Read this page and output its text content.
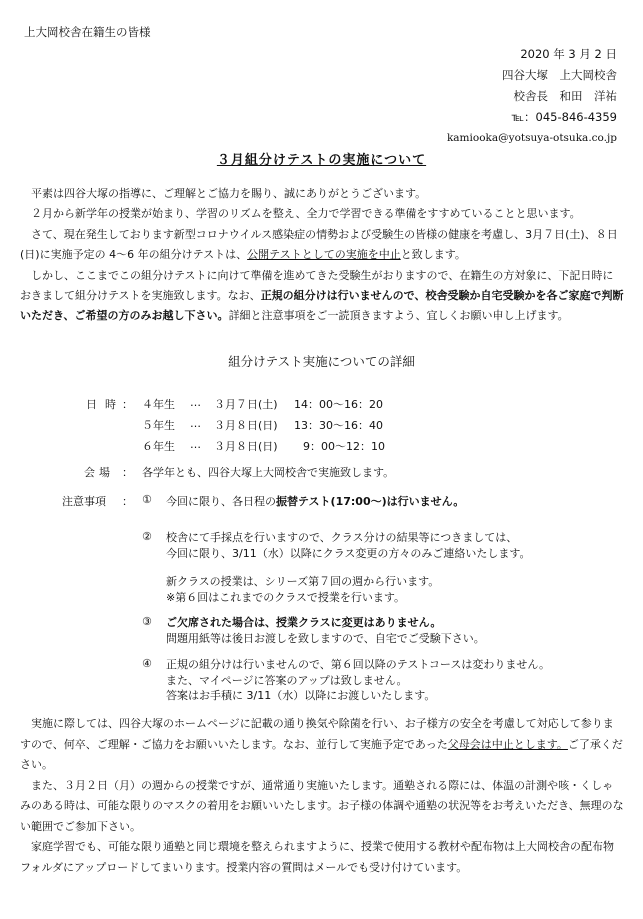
上大岡校舎在籍生の皆様
2020 年 3 月 2 日
四谷大塚　上大岡校舎
校舎長　和田　洋祐
℡：045-846-4359
kamiooka@yotsuya-otsuka.co.jp
３月組分けテストの実施について

平素は四谷大塚の指導に、ご理解とご協力を賜り、誠にありがとうございます。

２月から新学年の授業が始まり、学習のリズムを整え、全力で学習できる準備をすすめていることと思います。

さて、現在発生しております新型コロナウイルス感染症の情勢および受験生の皆様の健康を考慮し、3月７日(土)、８日(日)に実施予定の 4～6 年の組分けテストは、公開テストとしての実施を中止と致します。

しかし、ここまでこの組分けテストに向けて準備を進めてきた受験生がおりますので、在籍生の方対象に、下記日時におきまして組分けテストを実施致します。なお、正規の組分けは行いませんので、校舎受験か自宅受験かを各ご家庭で判断いただき、ご希望の方のみお越し下さい。詳細と注意事項をご一読頂きますよう、宜しくお願い申し上げます。

組分けテスト実施についての詳細
日時
： ４年生 … ３月７日(土) 14：00～16：20
５年生 … ３月８日(日) 13：30～16：40
６年生 … ３月８日(日) 9：00～12：10
会場 ： 各学年とも、四谷大塚上大岡校舎で実施致します。
注意事項 ： ① 今回に限り、各日程の振替テスト(17:00～)は行いません。
② 校舎にて手採点を行いますので、クラス分けの結果等につきましては、
今回に限り、3/11（水）以降にクラス変更の方々のみご連絡いたします。
新クラスの授業は、シリーズ第７回の週から行います。
※第６回はこれまでのクラスで授業を行います。
③ ご欠席された場合は、授業クラスに変更はありません。
問題用紙等は後日お渡しを致しますので、自宅でご受験下さい。
④ 正規の組分けは行いませんので、第６回以降のテストコースは変わりません。
また、マイページに答案のアップは致しません。
答案はお手積に 3/11（水）以降にお渡しいたします。

実施に際しては、四谷大塚のホームページに記載の通り換気や除菌を行い、お子様方の安全を考慮して対応して参りますので、何卒、ご理解・ご協力をお願いいたします。なお、並行して実施予定であった父母会は中止とします。ご了承ください。

また、３月２日（月）の週からの授業ですが、通常通り実施いたします。通塾される際には、体温の計測や咳・くしゃみのある時は、可能な限りのマスクの着用をお願いいたします。お子様の体調や通塾の状況等をお考えいただき、無理のない範囲でご参加下さい。

家庭学習でも、可能な限り通塾と同じ環境を整えられますように、授業で使用する教材や配布物は上大岡校舎の配布物フォルダにアップロードしてまいります。授業内容の質問はメールでも受け付けています。
